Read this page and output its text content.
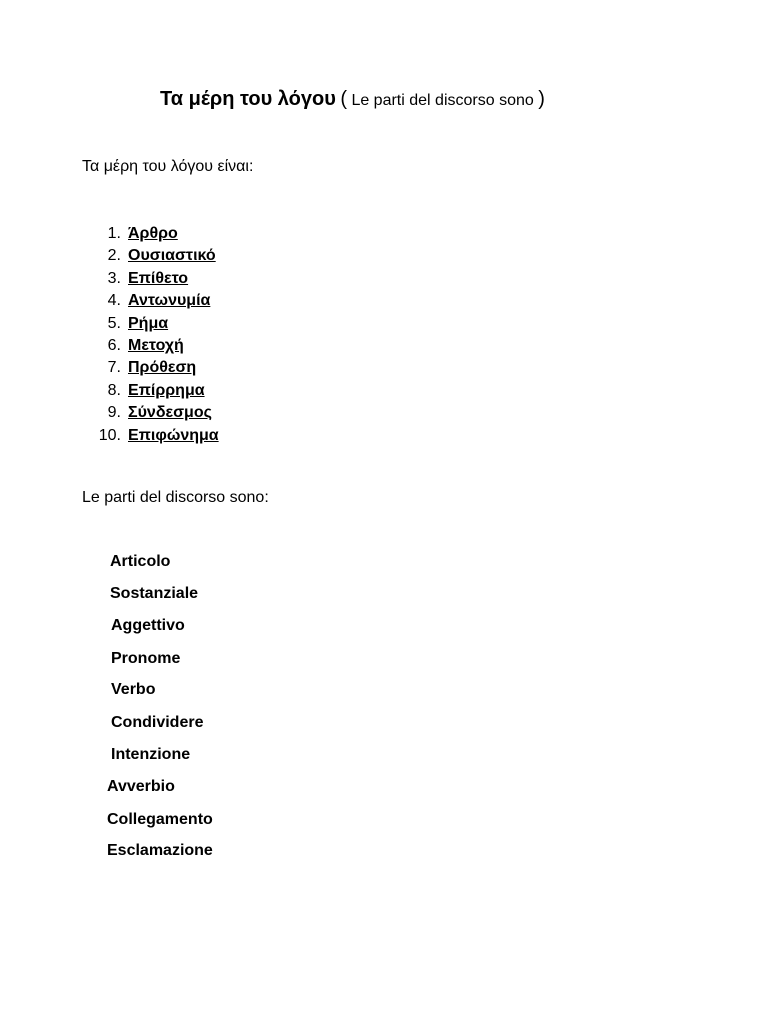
Τα μέρη του λόγου ( Le parti del discorso sono )
Τα μέρη του λόγου είναι:
1. Άρθρο
2. Ουσιαστικό
3. Επίθετο
4. Αντωνυμία
5. Ρήμα
6. Μετοχή
7. Πρόθεση
8. Επίρρημα
9. Σύνδεσμος
10. Επιφώνημα
Le parti del discorso sono:
Articolo
Sostanziale
Aggettivo
Pronome
Verbo
Condividere
Intenzione
Avverbio
Collegamento
Esclamazione
